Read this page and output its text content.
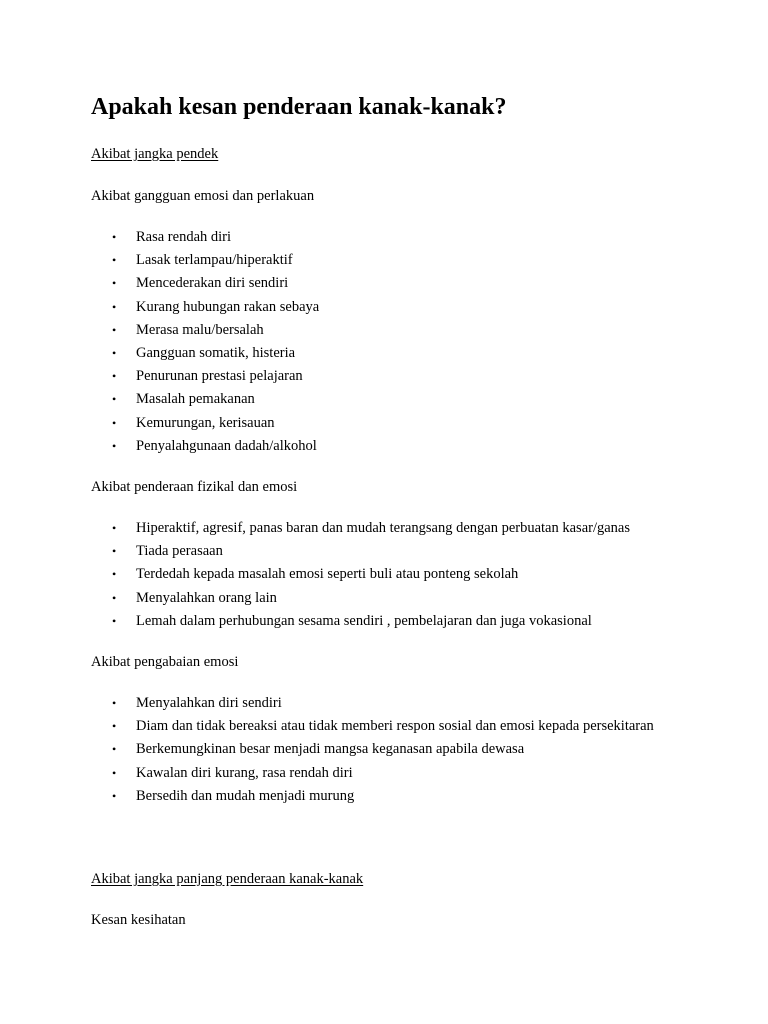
Apakah kesan penderaan kanak-kanak?

Akibat jangka pendek

Akibat gangguan emosi dan perlakuan

• Rasa rendah diri
• Lasak terlampau/hiperaktif
• Mencederakan diri sendiri
• Kurang hubungan rakan sebaya
• Merasa malu/bersalah
• Gangguan somatik, histeria
• Penurunan prestasi pelajaran
• Masalah pemakanan
• Kemurungan, kerisauan
• Penyalahgunaan dadah/alkohol

Akibat penderaan fizikal dan emosi

• Hiperaktif, agresif, panas baran dan mudah terangsang dengan perbuatan kasar/ganas
• Tiada perasaan
• Terdedah kepada masalah emosi seperti buli atau ponteng sekolah
• Menyalahkan orang lain
• Lemah dalam perhubungan sesama sendiri , pembelajaran dan juga vokasional

Akibat pengabaian emosi

• Menyalahkan diri sendiri
• Diam dan tidak bereaksi atau tidak memberi respon sosial dan emosi kepada persekitaran
• Berkemungkinan besar menjadi mangsa keganasan apabila dewasa
• Kawalan diri kurang, rasa rendah diri
• Bersedih dan mudah menjadi murung

Akibat jangka panjang penderaan kanak-kanak

Kesan kesihatan
